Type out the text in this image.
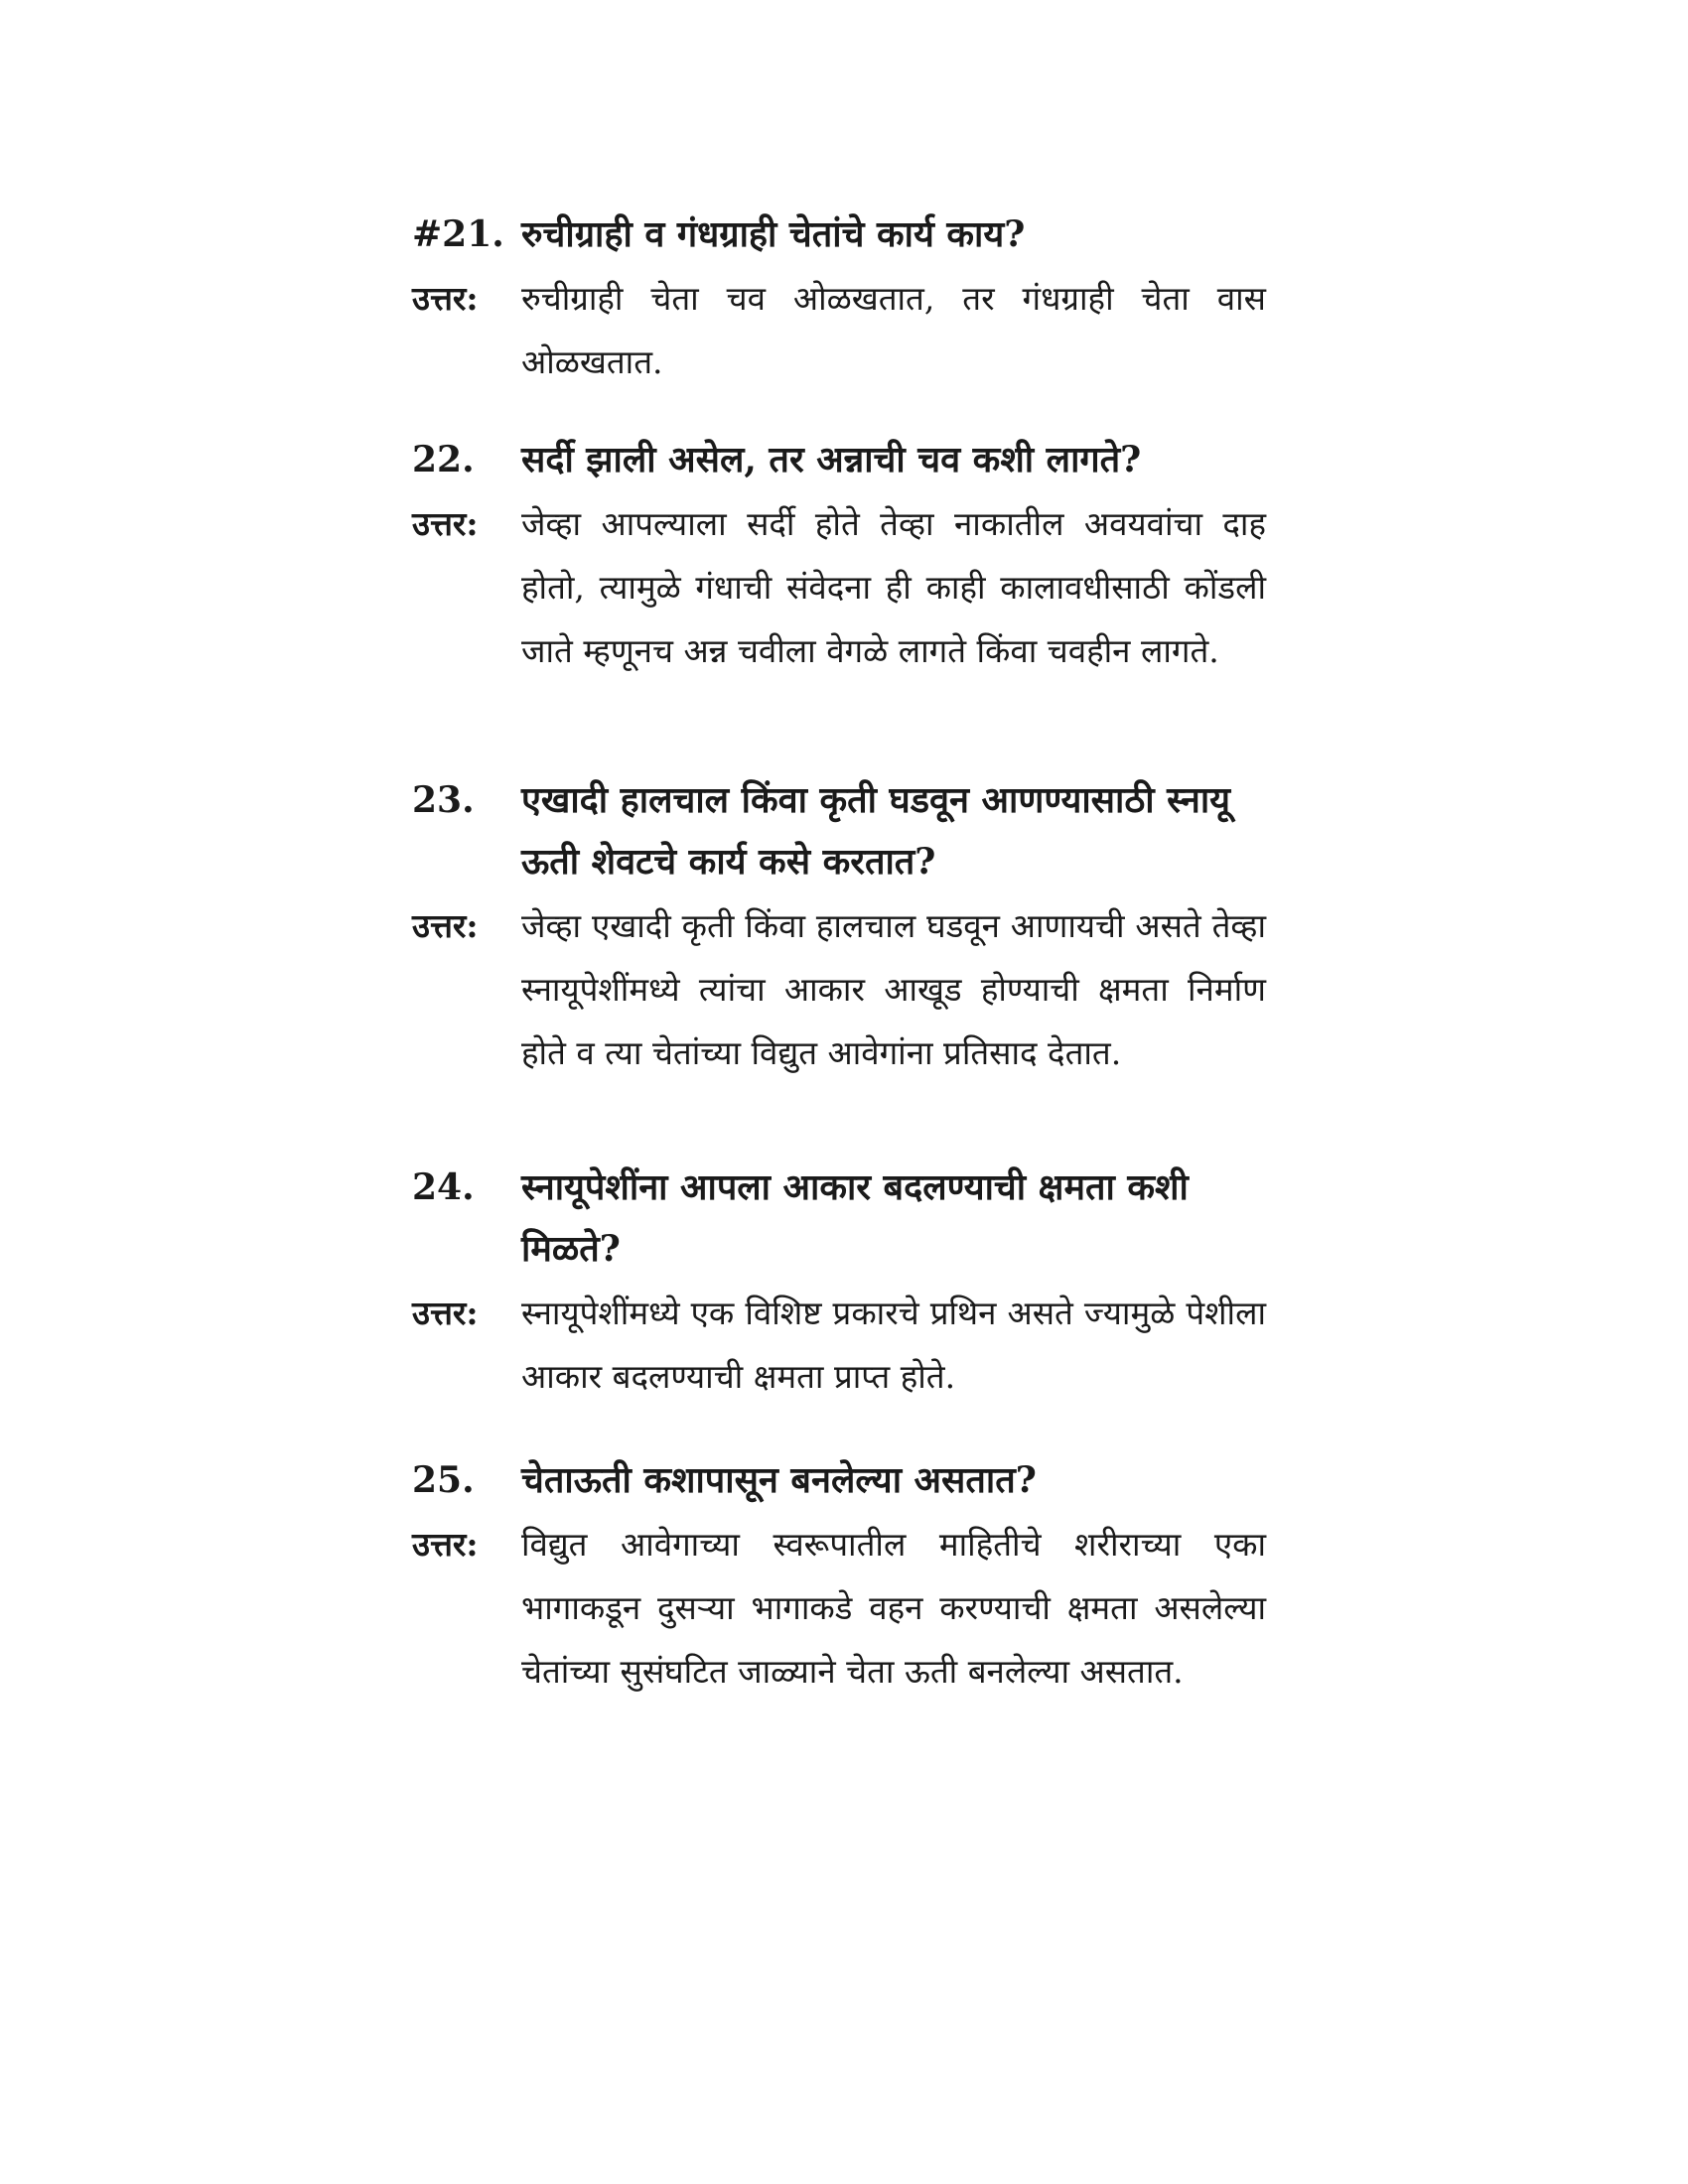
#21. रुचीग्राही व गंधग्राही चेतांचे कार्य काय?
उत्तर:	रुचीग्राही चेता चव ओळखतात, तर गंधग्राही चेता वास ओळखतात.
22.	सर्दी झाली असेल, तर अन्नाची चव कशी लागते?
उत्तर:	जेव्हा आपल्याला सर्दी होते तेव्हा नाकातील अवयवांचा दाह होतो, त्यामुळे गंधाची संवेदना ही काही कालावधीसाठी कोंडली जाते म्हणूनच अन्न चवीला वेगळे लागते किंवा चवहीन लागते.
23.	एखादी हालचाल किंवा कृती घडवून आणण्यासाठी स्नायू ऊती शेवटचे कार्य कसे करतात?
उत्तर:	जेव्हा एखादी कृती किंवा हालचाल घडवून आणायची असते तेव्हा स्नायूपेशींमध्ये त्यांचा आकार आखूड होण्याची क्षमता निर्माण होते व त्या चेतांच्या विद्युत आवेगांना प्रतिसाद देतात.
24.	स्नायूपेशींना आपला आकार बदलण्याची क्षमता कशी मिळते?
उत्तर:	स्नायूपेशींमध्ये एक विशिष्ट प्रकारचे प्रथिन असते ज्यामुळे पेशीला आकार बदलण्याची क्षमता प्राप्त होते.
25.	चेताऊती कशापासून बनलेल्या असतात?
उत्तर:	विद्युत आवेगाच्या स्वरूपातील माहितीचे शरीराच्या एका भागाकडून दुसऱ्या भागाकडे वहन करण्याची क्षमता असलेल्या चेतांच्या सुसंघटित जाळ्याने चेता ऊती बनलेल्या असतात.
